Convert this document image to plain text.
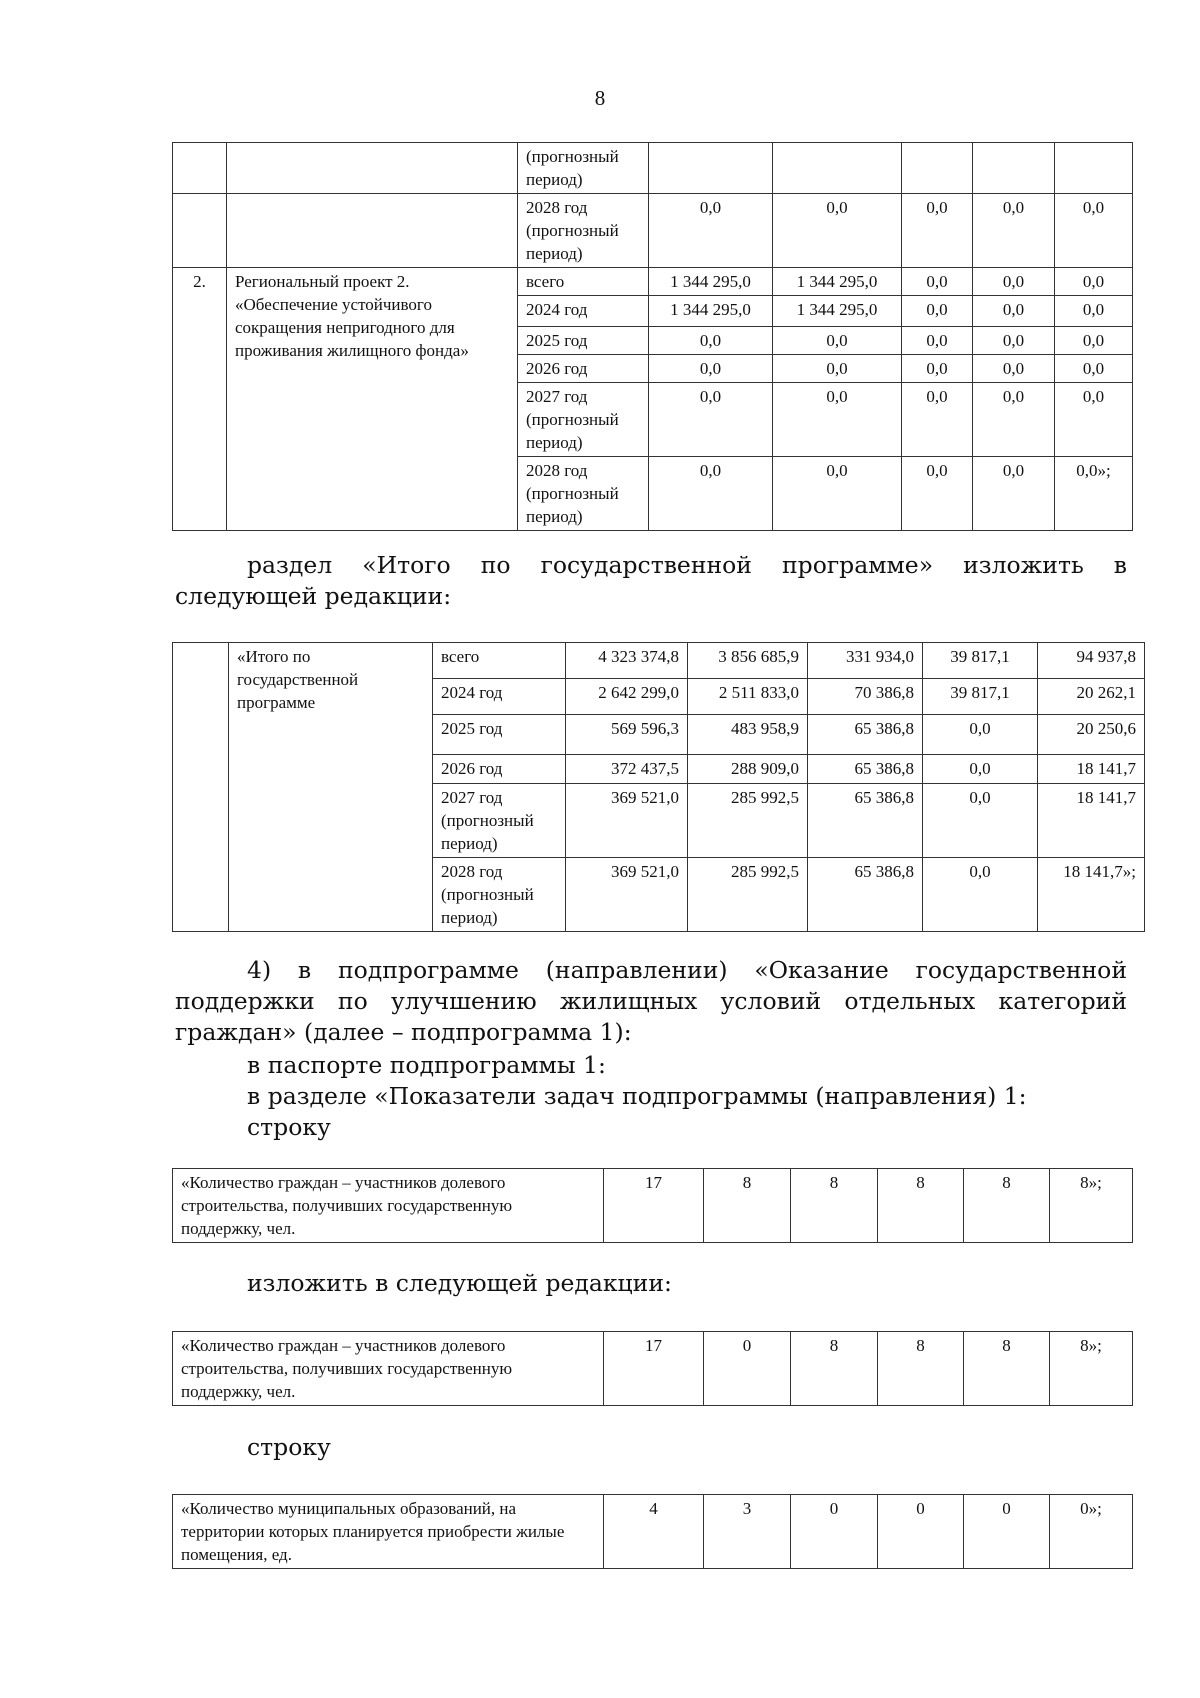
8
		(прогнозный период)					
		2028 год (прогнозный период)	0,0	0,0	0,0	0,0	0,0
2.	Региональный проект 2. «Обеспечение устойчивого сокращения непригодного для проживания жилищного фонда»	всего	1 344 295,0	1 344 295,0	0,0	0,0	0,0
		2024 год	1 344 295,0	1 344 295,0	0,0	0,0	0,0
		2025 год	0,0	0,0	0,0	0,0	0,0
		2026 год	0,0	0,0	0,0	0,0	0,0
		2027 год (прогнозный период)	0,0	0,0	0,0	0,0	0,0
		2028 год (прогнозный период)	0,0	0,0	0,0	0,0	0,0»;
раздел «Итого по государственной программе» изложить в следующей редакции:
	«Итого по государственной программе	всего	4 323 374,8	3 856 685,9	331 934,0	39 817,1	94 937,8
		2024 год	2 642 299,0	2 511 833,0	70 386,8	39 817,1	20 262,1
		2025 год	569 596,3	483 958,9	65 386,8	0,0	20 250,6
		2026 год	372 437,5	288 909,0	65 386,8	0,0	18 141,7
		2027 год (прогнозный период)	369 521,0	285 992,5	65 386,8	0,0	18 141,7
		2028 год (прогнозный период)	369 521,0	285 992,5	65 386,8	0,0	18 141,7»;
4) в подпрограмме (направлении) «Оказание государственной поддержки по улучшению жилищных условий отдельных категорий граждан» (далее – подпрограмма 1):
в паспорте подпрограммы 1:
в разделе «Показатели задач подпрограммы (направления) 1:
строку
«Количество граждан – участников долевого строительства, получивших государственную поддержку, чел.	17	8	8	8	8	8»;
изложить в следующей редакции:
«Количество граждан – участников долевого строительства, получивших государственную поддержку, чел.	17	0	8	8	8	8»;
строку
«Количество муниципальных образований, на территории которых планируется приобрести жилые помещения, ед.	4	3	0	0	0	0»;
